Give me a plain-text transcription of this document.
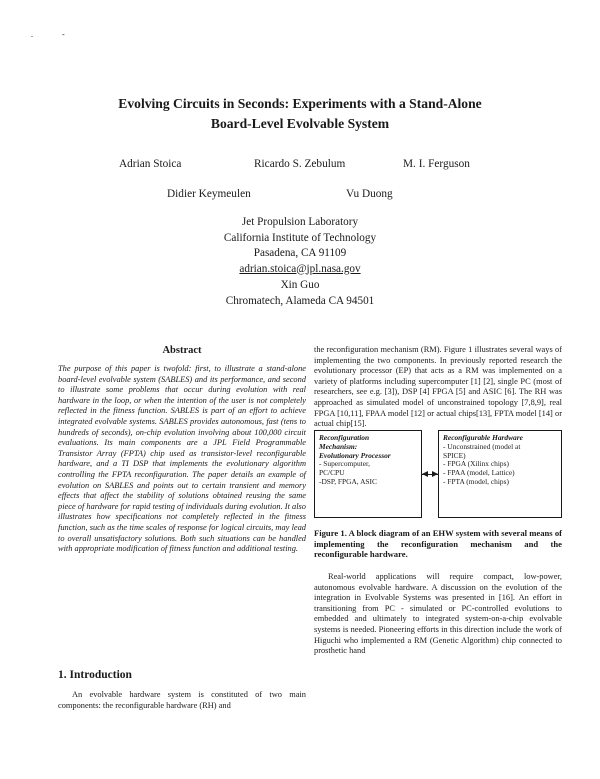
.	-
Evolving Circuits in Seconds: Experiments with a Stand-Alone
Board-Level Evolvable System
Adrian Stoica	Ricardo S. Zebulum	M. I. Ferguson
Didier Keymeulen	Vu Duong
Jet Propulsion Laboratory
California Institute of Technology
Pasadena, CA 91109
adrian.stoica@jpl.nasa.gov
Xin Guo
Chromatech, Alameda CA 94501
Abstract

The purpose of this paper is twofold: first, to illustrate a stand-alone board-level evolvable system (SABLES) and its performance, and second to illustrate some problems that occur during evolution with real hardware in the loop, or when the intention of the user is not completely reflected in the fitness function. SABLES is part of an effort to achieve integrated evolvable systems. SABLES provides autonomous, fast (tens to hundreds of seconds), on-chip evolution involving about 100,000 circuit evaluations. Its main components are a JPL Field Programmable Transistor Array (FPTA) chip used as transistor-level reconfigurable hardware, and a TI DSP that implements the evolutionary algorithm controlling the FPTA reconfiguration. The paper details an example of evolution on SABLES and points out to certain transient and memory effects that affect the stability of solutions obtained reusing the same piece of hardware for rapid testing of individuals during evolution. It also illustrates how specifications not completely reflected in the fitness function, such as the time scales of response for logical circuits, may lead to overall unsatisfactory solutions. Both such situations can be handled with appropriate modification of fitness function and additional testing.

1. Introduction

An evolvable hardware system is constituted of two main components: the reconfigurable hardware (RH) and

the reconfiguration mechanism (RM). Figure 1 illustrates several ways of implementing the two components. In previously reported research the evolutionary processor (EP) that acts as a RM was implemented on a variety of platforms including supercomputer [1] [2], single PC (most of researchers, see e.g. [3]), DSP [4] FPGA [5] and ASIC [6]. The RH was approached as simulated model of unconstrained topology [7,8,9], real FPGA [10,11], FPAA model [12] or actual chips[13], FPTA model [14] or actual chip[15].

Reconfiguration
Mechanism:
Evolutionary Processor
- Supercomputer,
PC/CPU
-DSP, FPGA, ASIC
Reconfigurable Hardware
- Unconstrained (model at
SPICE)
- FPGA (Xilinx chips)
- FPAA (model, Lattice)
- FPTA (model, chips)
Figure 1. A block diagram of an EHW system with several means of implementing the reconfiguration mechanism and the reconfigurable hardware.

Real-world applications will require compact, low-power, autonomous evolvable hardware. A discussion on the evolution of the integration in Evolvable Systems was presented in [16]. An effort in transitioning from PC - simulated or PC-controlled evolutions to embedded and ultimately to integrated system-on-a-chip evolvable systems is needed. Pioneering efforts in this direction include the work of Higuchi who implemented a RM (Genetic Algorithm) chip connected to prosthetic hand
